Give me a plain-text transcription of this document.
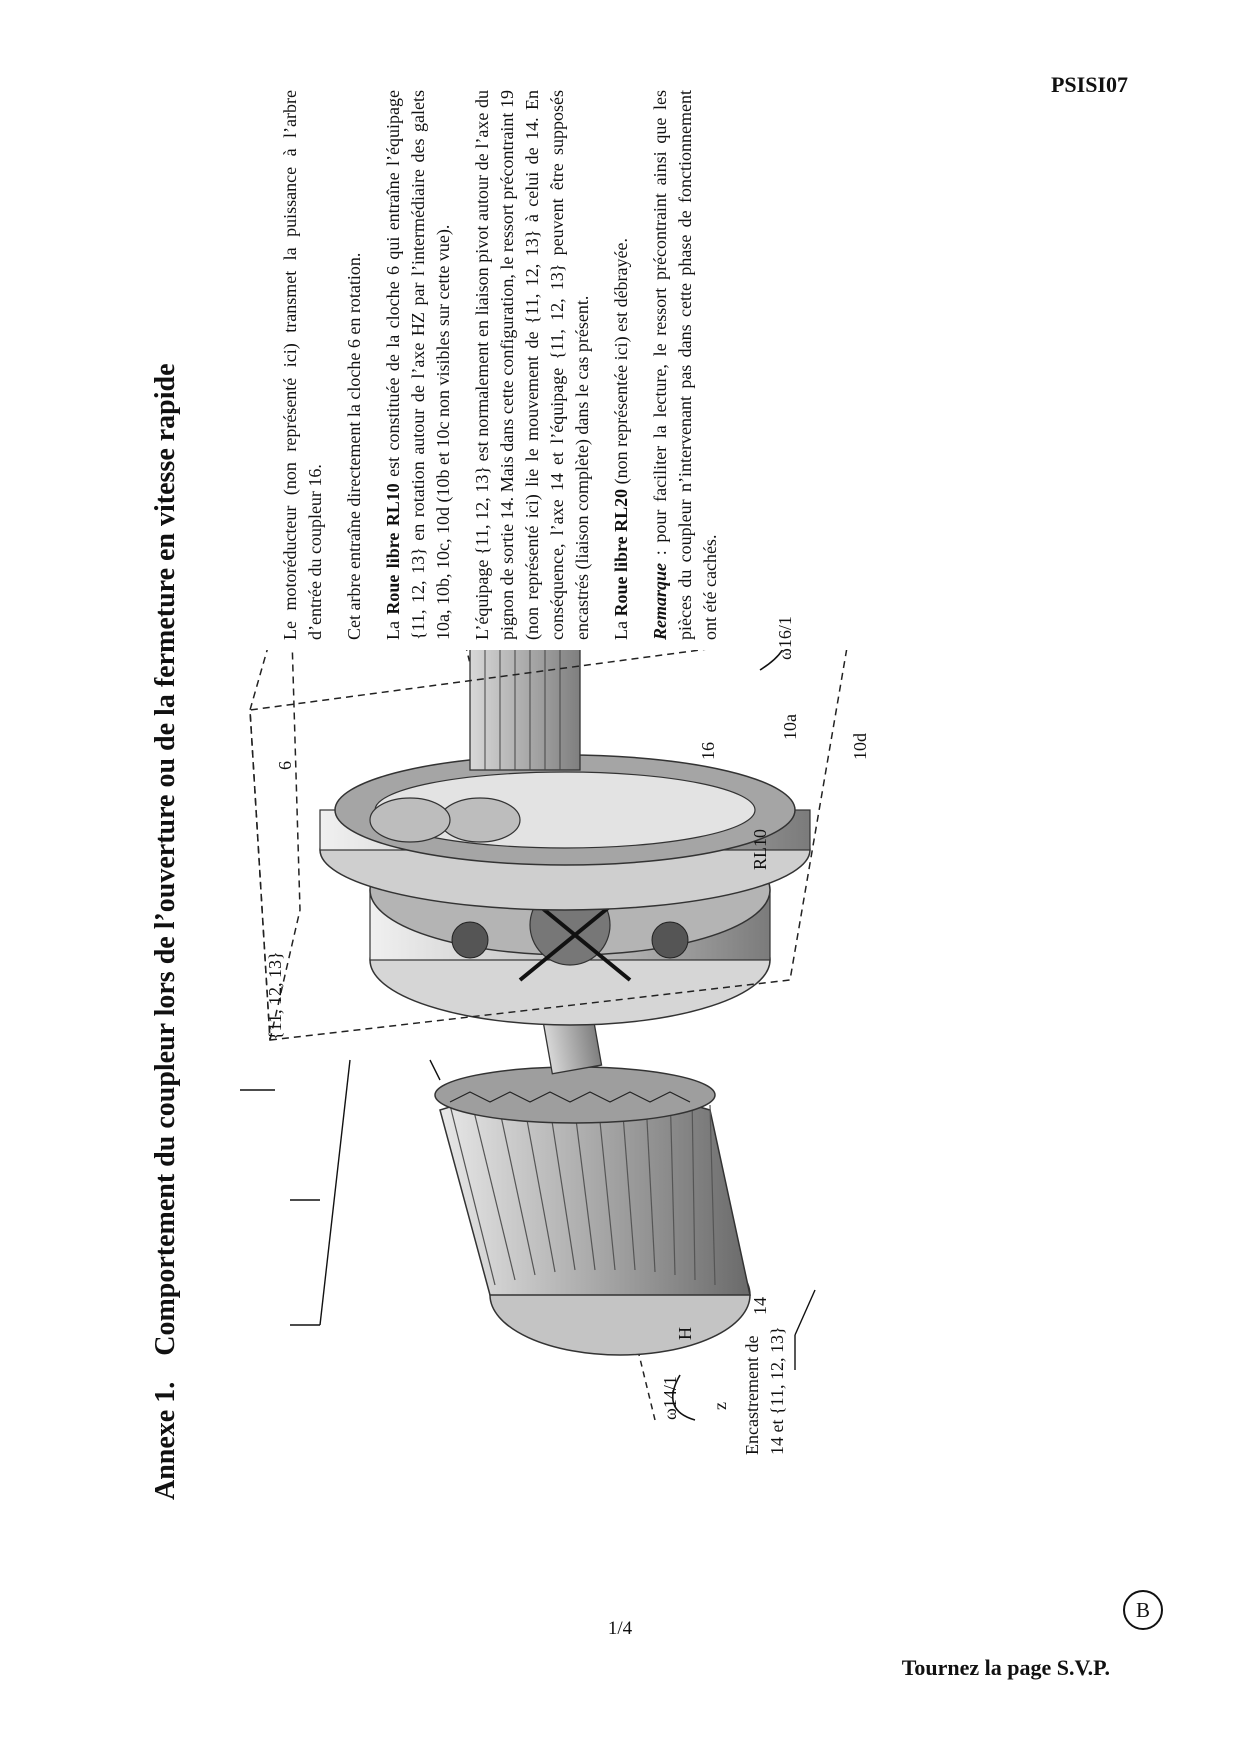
PSISI07
Annexe 1.Comportement du coupleur lors de l’ouverture ou de la fermeture en vitesse rapide	6
16
10a
10d
RL10
{11, 12, 13}
14
Encastrement de 14 et {11, 12, 13}
ω16/1
ω14/1 z
H

Le motoréducteur (non représenté ici) transmet la puissance à l’arbre d’entrée du coupleur 16. Cet arbre entraîne directement la cloche 6 en rotation. La Roue libre RL10 est constituée de la cloche 6 qui entraîne l’équipage {11, 12, 13} en rotation autour de l’axe HZ par l’intermédiaire des galets 10a, 10b, 10c, 10d (10b et 10c non visibles sur cette vue). L’équipage {11, 12, 13} est normalement en liaison pivot autour de l’axe du pignon de sortie 14. Mais dans cette configuration, le ressort précontraint 19 (non représenté ici) lie le mouvement de {11, 12, 13} à celui de 14. En conséquence, l’axe 14 et l’équipage {11, 12, 13} peuvent être supposés encastrés (liaison complète) dans le cas présent. La Roue libre RL20 (non représentée ici) est débrayée.

Remarque : pour faciliter la lecture, le ressort précontraint ainsi que les pièces du coupleur n’intervenant pas dans cette phase de fonctionnement ont été cachés.

B
1/4
Tournez la page S.V.P.
